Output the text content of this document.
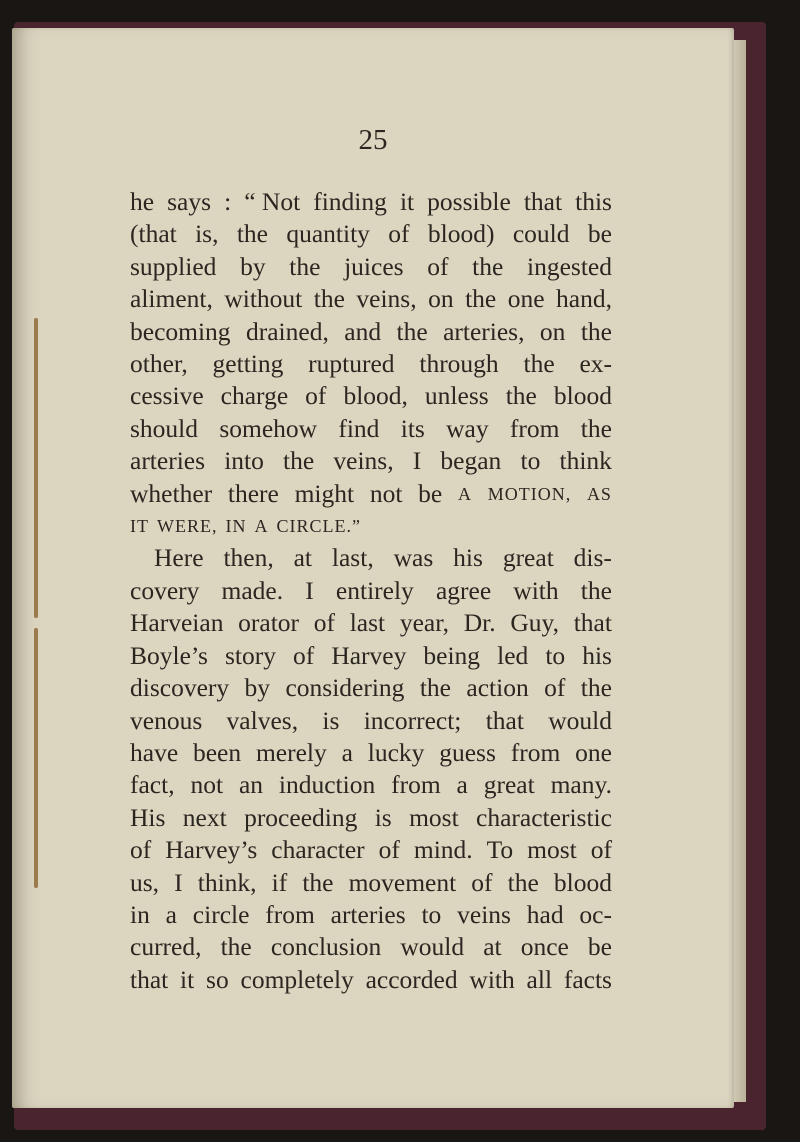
25
he says : “ Not finding it possible that this
(that is, the quantity of blood) could be
supplied by the juices of the ingested
aliment, without the veins, on the one hand,
becoming drained, and the arteries, on the
other, getting ruptured through the ex-
cessive charge of blood, unless the blood
should somehow find its way from the
arteries into the veins, I began to think
whether there might not be A MOTION, AS
IT WERE, IN A CIRCLE.”
Here then, at last, was his great dis-
covery made. I entirely agree with the
Harveian orator of last year, Dr. Guy, that
Boyle’s story of Harvey being led to his
discovery by considering the action of the
venous valves, is incorrect; that would
have been merely a lucky guess from one
fact, not an induction from a great many.
His next proceeding is most characteristic
of Harvey’s character of mind. To most of
us, I think, if the movement of the blood
in a circle from arteries to veins had oc-
curred, the conclusion would at once be
that it so completely accorded with all facts
